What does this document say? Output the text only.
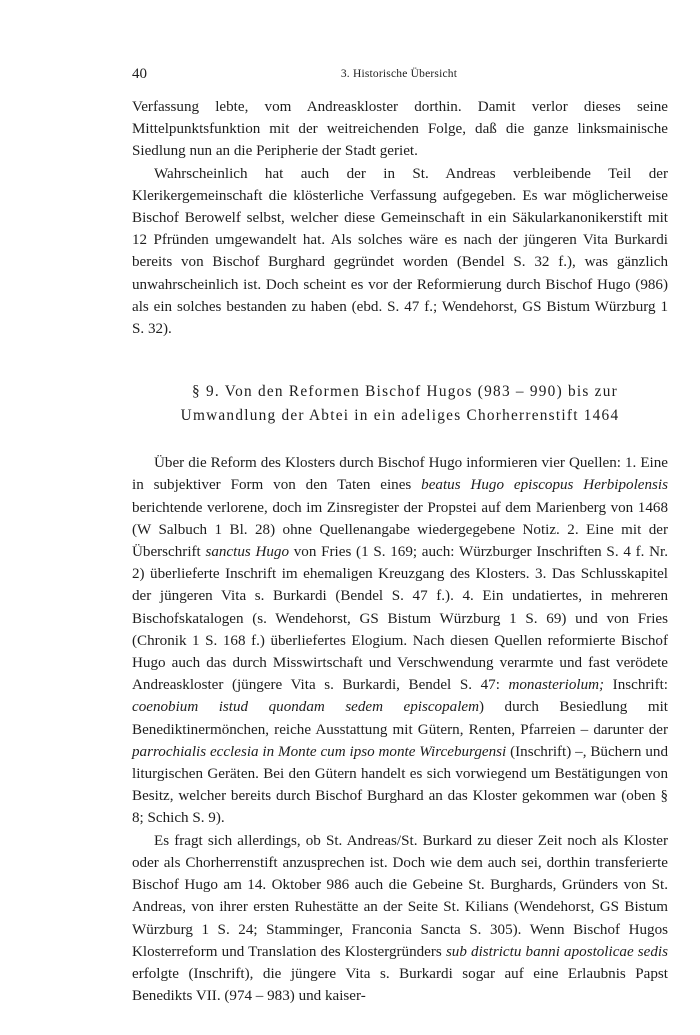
40	3. Historische Übersicht

Verfassung lebte, vom Andreaskloster dorthin. Damit verlor dieses seine Mittelpunktsfunktion mit der weitreichenden Folge, daß die ganze linksmainische Siedlung nun an die Peripherie der Stadt geriet.

Wahrscheinlich hat auch der in St. Andreas verbleibende Teil der Klerikergemeinschaft die klösterliche Verfassung aufgegeben. Es war möglicherweise Bischof Berowelf selbst, welcher diese Gemeinschaft in ein Säkularkanonikerstift mit 12 Pfründen umgewandelt hat. Als solches wäre es nach der jüngeren Vita Burkardi bereits von Bischof Burghard gegründet worden (Bendel S. 32 f.), was gänzlich unwahrscheinlich ist. Doch scheint es vor der Reformierung durch Bischof Hugo (986) als ein solches bestanden zu haben (ebd. S. 47 f.; Wendehorst, GS Bistum Würzburg 1 S. 32).

§ 9. Von den Reformen Bischof Hugos (983 – 990) bis zur
Umwandlung der Abtei in ein adeliges Chorherrenstift 1464

Über die Reform des Klosters durch Bischof Hugo informieren vier Quellen: 1. Eine in subjektiver Form von den Taten eines beatus Hugo episcopus Herbipolensis berichtende verlorene, doch im Zinsregister der Propstei auf dem Marienberg von 1468 (W Salbuch 1 Bl. 28) ohne Quellenangabe wiedergegebene Notiz. 2. Eine mit der Überschrift sanctus Hugo von Fries (1 S. 169; auch: Würzburger Inschriften S. 4 f. Nr. 2) überlieferte Inschrift im ehemaligen Kreuzgang des Klosters. 3. Das Schlusskapitel der jüngeren Vita s. Burkardi (Bendel S. 47 f.). 4. Ein undatiertes, in mehreren Bischofskatalogen (s. Wendehorst, GS Bistum Würzburg 1 S. 69) und von Fries (Chronik 1 S. 168 f.) überliefertes Elogium. Nach diesen Quellen reformierte Bischof Hugo auch das durch Misswirtschaft und Verschwendung verarmte und fast verödete Andreaskloster (jüngere Vita s. Burkardi, Bendel S. 47: monasteriolum; Inschrift: coenobium istud quondam sedem episcopalem) durch Besiedlung mit Benediktinermönchen, reiche Ausstattung mit Gütern, Renten, Pfarreien – darunter der parrochialis ecclesia in Monte cum ipso monte Wirceburgensi (Inschrift) –, Büchern und liturgischen Geräten. Bei den Gütern handelt es sich vorwiegend um Bestätigungen von Besitz, welcher bereits durch Bischof Burghard an das Kloster gekommen war (oben § 8; Schich S. 9).

Es fragt sich allerdings, ob St. Andreas/St. Burkard zu dieser Zeit noch als Kloster oder als Chorherrenstift anzusprechen ist. Doch wie dem auch sei, dorthin transferierte Bischof Hugo am 14. Oktober 986 auch die Gebeine St. Burghards, Gründers von St. Andreas, von ihrer ersten Ruhestätte an der Seite St. Kilians (Wendehorst, GS Bistum Würzburg 1 S. 24; Stamminger, Franconia Sancta S. 305). Wenn Bischof Hugos Klosterreform und Translation des Klostergründers sub districtu banni apostolicae sedis erfolgte (Inschrift), die jüngere Vita s. Burkardi sogar auf eine Erlaubnis Papst Benedikts VII. (974 – 983) und kaiser-
